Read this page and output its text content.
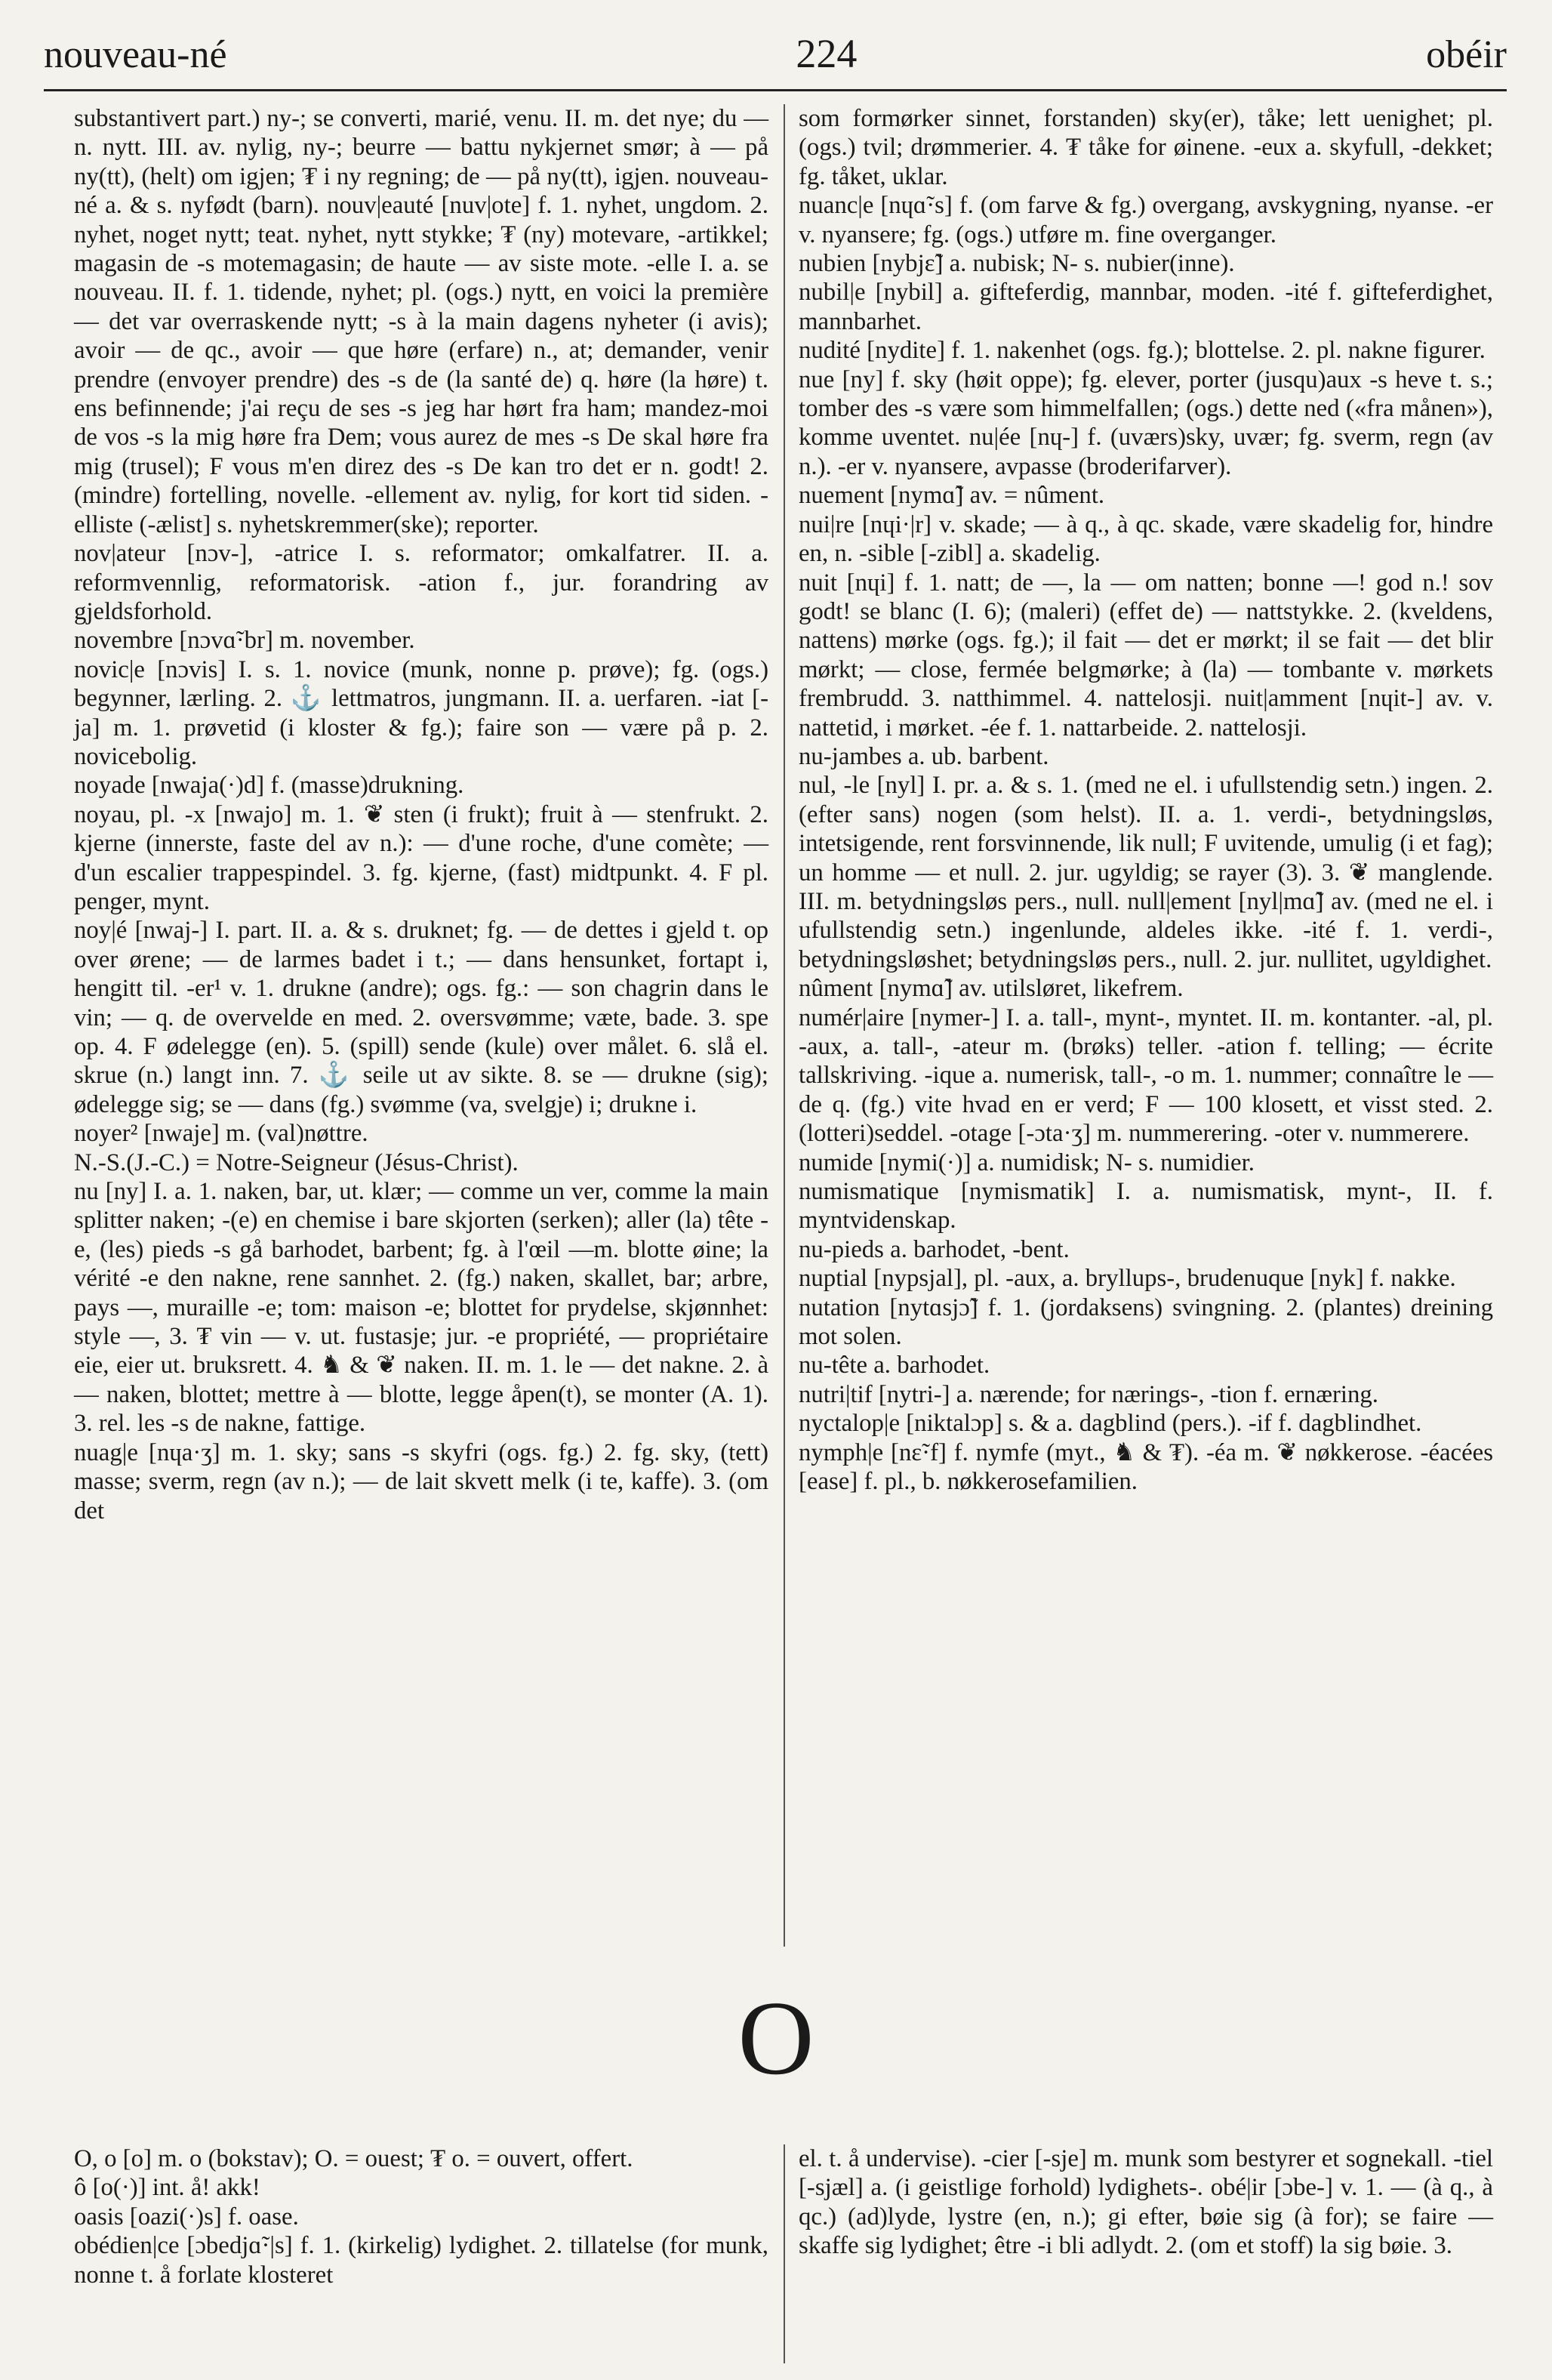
nouveau-né	224	obéir

substantivert part.) ny-; se converti, marié, venu. II. m. det nye; du — n. nytt. III. av. nylig, ny-; beurre — battu nykjernet smør; à — på ny(tt), (helt) om igjen; ₮ i ny regning; de — på ny(tt), igjen. nouveau-né a. & s. nyfødt (barn). nouv|eauté [nuv|ote] f. 1. nyhet, ungdom. 2. nyhet, noget nytt; teat. nyhet, nytt stykke; ₮ (ny) motevare, -artikkel; magasin de -s motemagasin; de haute — av siste mote. -elle I. a. se nouveau. II. f. 1. tidende, nyhet; pl. (ogs.) nytt, en voici la première — det var overraskende nytt; -s à la main dagens nyheter (i avis); avoir — de qc., avoir — que høre (erfare) n., at; demander, venir prendre (envoyer prendre) des -s de (la santé de) q. høre (la høre) t. ens befinnende; j'ai reçu de ses -s jeg har hørt fra ham; mandez-moi de vos -s la mig høre fra Dem; vous aurez de mes -s De skal høre fra mig (trusel); F vous m'en direz des -s De kan tro det er n. godt! 2. (mindre) fortelling, novelle. -ellement av. nylig, for kort tid siden. -elliste (-ælist] s. nyhetskremmer(ske); reporter.

nov|ateur [nɔv-], -atrice I. s. reformator; omkalfatrer. II. a. reformvennlig, reformatorisk. -ation f., jur. forandring av gjeldsforhold.

novembre [nɔvɑ̃·br] m. november.

novic|e [nɔvis] I. s. 1. novice (munk, nonne p. prøve); fg. (ogs.) begynner, lærling. 2. ⚓ lettmatros, jungmann. II. a. uerfaren. -iat [-ja] m. 1. prøvetid (i kloster & fg.); faire son — være på p. 2. novicebolig.

noyade [nwaja(·)d] f. (masse)drukning.

noyau, pl. -x [nwajo] m. 1. ❦ sten (i frukt); fruit à — stenfrukt. 2. kjerne (innerste, faste del av n.): — d'une roche, d'une comète; — d'un escalier trappespindel. 3. fg. kjerne, (fast) midtpunkt. 4. F pl. penger, mynt.

noy|é [nwaj-] I. part. II. a. & s. druknet; fg. — de dettes i gjeld t. op over ørene; — de larmes badet i t.; — dans hensunket, fortapt i, hengitt til. -er¹ v. 1. drukne (andre); ogs. fg.: — son chagrin dans le vin; — q. de overvelde en med. 2. oversvømme; væte, bade. 3. spe op. 4. F ødelegge (en). 5. (spill) sende (kule) over målet. 6. slå el. skrue (n.) langt inn. 7. ⚓ seile ut av sikte. 8. se — drukne (sig); ødelegge sig; se — dans (fg.) svømme (va, svelgje) i; drukne i.

noyer² [nwaje] m. (val)nøttre.

N.-S.(J.-C.) = Notre-Seigneur (Jésus-Christ).

nu [ny] I. a. 1. naken, bar, ut. klær; — comme un ver, comme la main splitter naken; -(e) en chemise i bare skjorten (serken); aller (la) tête -e, (les) pieds -s gå barhodet, barbent; fg. à l'œil —m. blotte øine; la vérité -e den nakne, rene sannhet. 2. (fg.) naken, skallet, bar; arbre, pays —, muraille -e; tom: maison -e; blottet for prydelse, skjønnhet: style —, 3. ₮ vin — v. ut. fustasje; jur. -e propriété, — propriétaire eie, eier ut. bruksrett. 4. ♞ & ❦ naken. II. m. 1. le — det nakne. 2. à — naken, blottet; mettre à — blotte, legge åpen(t), se monter (A. 1). 3. rel. les -s de nakne, fattige.

nuag|e [nɥa·ʒ] m. 1. sky; sans -s skyfri (ogs. fg.) 2. fg. sky, (tett) masse; sverm, regn (av n.); — de lait skvett melk (i te, kaffe). 3. (om det

som formørker sinnet, forstanden) sky(er), tåke; lett uenighet; pl. (ogs.) tvil; drømmerier. 4. ₮ tåke for øinene. -eux a. skyfull, -dekket; fg. tåket, uklar.

nuanc|e [nɥɑ̃·s] f. (om farve & fg.) overgang, avskygning, nyanse. -er v. nyansere; fg. (ogs.) utføre m. fine overganger.

nubien [nybjɛ̃] a. nubisk; N- s. nubier(inne).

nubil|e [nybil] a. gifteferdig, mannbar, moden. -ité f. gifteferdighet, mannbarhet.

nudité [nydite] f. 1. nakenhet (ogs. fg.); blottelse. 2. pl. nakne figurer.

nue [ny] f. sky (høit oppe); fg. elever, porter (jusqu)aux -s heve t. s.; tomber des -s være som himmelfallen; (ogs.) dette ned («fra månen»), komme uventet. nu|ée [nɥ-] f. (uværs)sky, uvær; fg. sverm, regn (av n.). -er v. nyansere, avpasse (broderifarver).

nuement [nymɑ̃] av. = nûment.

nui|re [nɥi·|r] v. skade; — à q., à qc. skade, være skadelig for, hindre en, n. -sible [-zibl] a. skadelig.

nuit [nɥi] f. 1. natt; de —, la — om natten; bonne —! god n.! sov godt! se blanc (I. 6); (maleri) (effet de) — nattstykke. 2. (kveldens, nattens) mørke (ogs. fg.); il fait — det er mørkt; il se fait — det blir mørkt; — close, fermée belgmørke; à (la) — tombante v. mørkets frembrudd. 3. natthimmel. 4. nattelosji. nuit|amment [nɥit-] av. v. nattetid, i mørket. -ée f. 1. nattarbeide. 2. nattelosji.

nu-jambes a. ub. barbent.

nul, -le [nyl] I. pr. a. & s. 1. (med ne el. i ufullstendig setn.) ingen. 2. (efter sans) nogen (som helst). II. a. 1. verdi-, betydningsløs, intetsigende, rent forsvinnende, lik null; F uvitende, umulig (i et fag); un homme — et null. 2. jur. ugyldig; se rayer (3). 3. ❦ manglende. III. m. betydningsløs pers., null. null|ement [nyl|mɑ̃] av. (med ne el. i ufullstendig setn.) ingenlunde, aldeles ikke. -ité f. 1. verdi-, betydningsløshet; betydningsløs pers., null. 2. jur. nullitet, ugyldighet.

nûment [nymɑ̃] av. utilsløret, likefrem.

numér|aire [nymer-] I. a. tall-, mynt-, myntet. II. m. kontanter. -al, pl. -aux, a. tall-, -ateur m. (brøks) teller. -ation f. telling; — écrite tallskriving. -ique a. numerisk, tall-, -o m. 1. nummer; connaître le — de q. (fg.) vite hvad en er verd; F — 100 klosett, et visst sted. 2. (lotteri)seddel. -otage [-ɔta·ʒ] m. nummerering. -oter v. nummerere.

numide [nymi(·)] a. numidisk; N- s. numidier.

numismatique [nymismatik] I. a. numismatisk, mynt-, II. f. myntvidenskap.

nu-pieds a. barhodet, -bent.

nuptial [nypsjal], pl. -aux, a. bryllups-, brudenuque [nyk] f. nakke.

nutation [nytɑsjɔ̃] f. 1. (jordaksens) svingning. 2. (plantes) dreining mot solen.

nu-tête a. barhodet.

nutri|tif [nytri-] a. nærende; for nærings-, -tion f. ernæring.

nyctalop|e [niktalɔp] s. & a. dagblind (pers.). -if f. dagblindhet.

nymph|e [nɛ̃·f] f. nymfe (myt., ♞ & ₮). -éa m. ❦ nøkkerose. -éacées [ease] f. pl., b. nøkkerosefamilien.

O

O, o [o] m. o (bokstav); O. = ouest; ₮ o. = ouvert, offert.

ô [o(·)] int. å! akk!

oasis [oazi(·)s] f. oase.

obédien|ce [ɔbedjɑ̃·|s] f. 1. (kirkelig) lydighet. 2. tillatelse (for munk, nonne t. å forlate klosteret

el. t. å undervise). -cier [-sje] m. munk som bestyrer et sognekall. -tiel [-sjæl] a. (i geistlige forhold) lydighets-. obé|ir [ɔbe-] v. 1. — (à q., à qc.) (ad)lyde, lystre (en, n.); gi efter, bøie sig (à for); se faire — skaffe sig lydighet; être -i bli adlydt. 2. (om et stoff) la sig bøie. 3.
